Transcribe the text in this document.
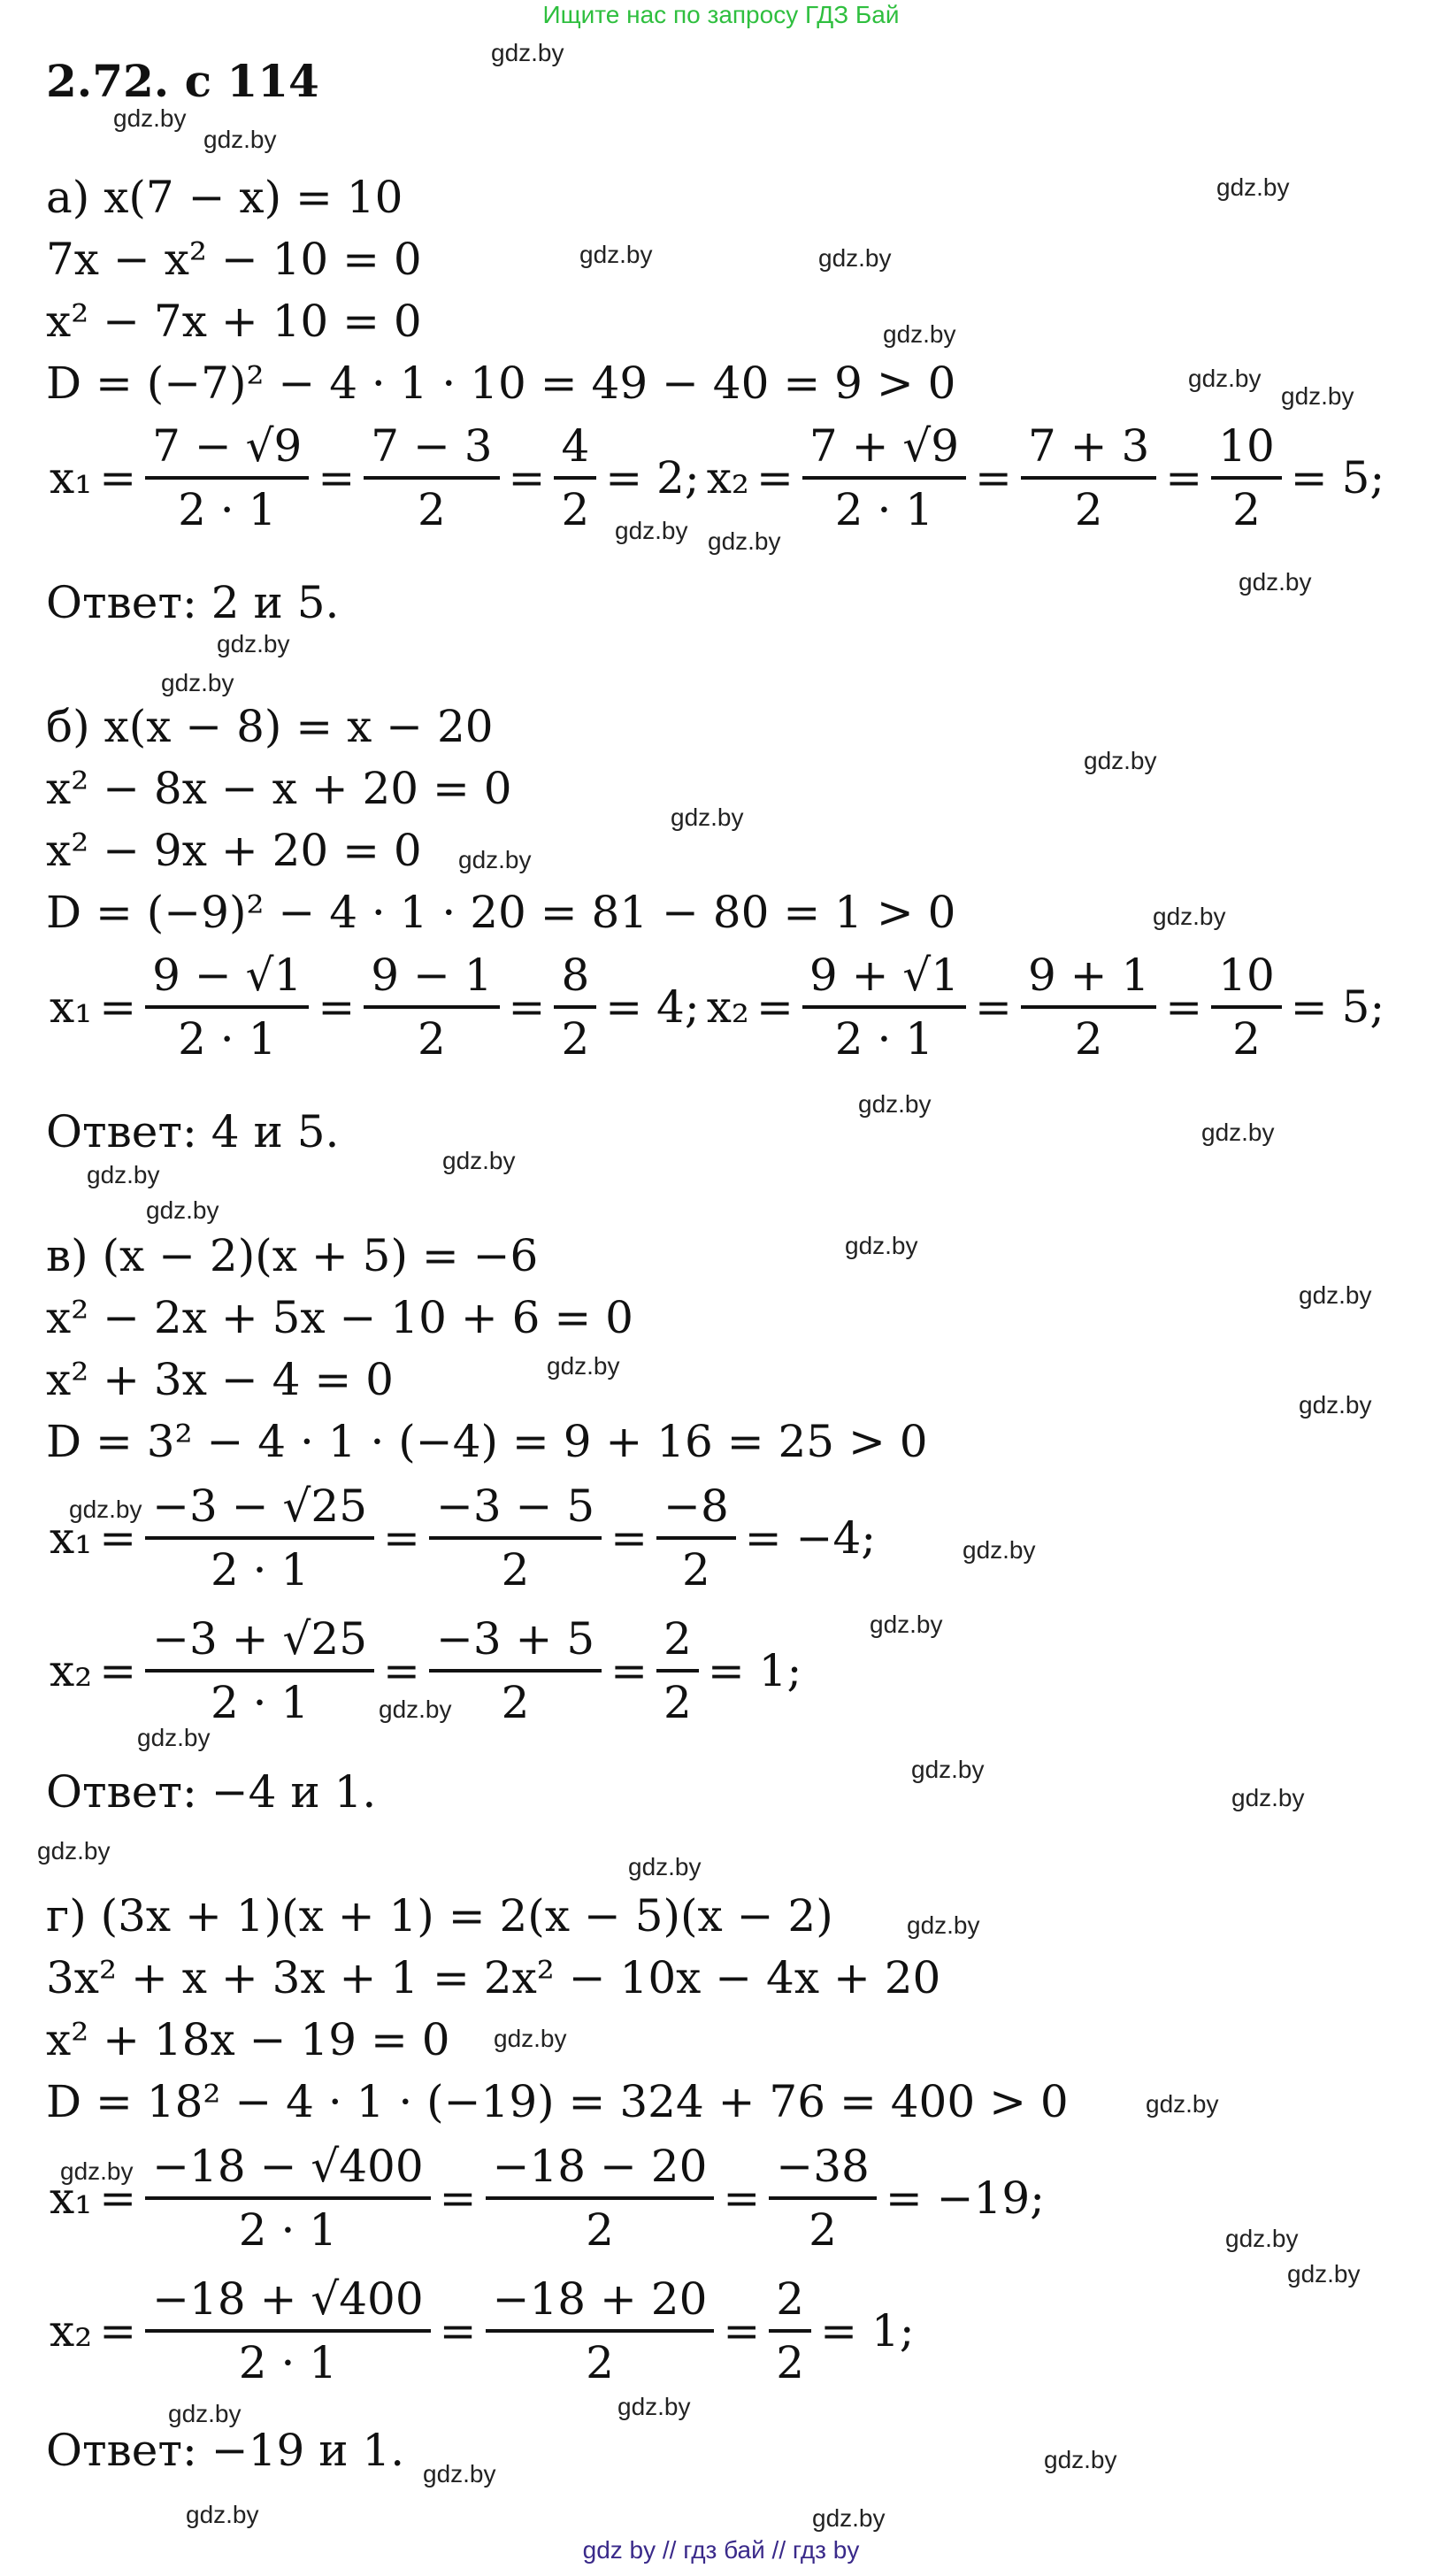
Ищите нас по запросу ГДЗ Бай
2.72. с 114
а) x(7 − x) = 10
7x − x² − 10 = 0
x² − 7x + 10 = 0
D = (−7)² − 4 · 1 · 10 = 49 − 40 = 9 > 0
$x_1 = \frac{7 - √9}{2 \cdot 1} = \frac{7 - 3}{2} = \frac{4}{2} = 2$; $x_2 = \frac{7 + √9}{2 \cdot 1} = \frac{7 + 3}{2} = \frac{10}{2} = 5$;
Ответ: 2 и 5.
б) x(x − 8) = x − 20
x² − 8x − x + 20 = 0
x² − 9x + 20 = 0
D = (−9)² − 4 · 1 · 20 = 81 − 80 = 1 > 0
$x_1 = \frac{9 - √1}{2 \cdot 1} = \frac{9 - 1}{2} = \frac{8}{2} = 4$; $x_2 = \frac{9 + √1}{2 \cdot 1} = \frac{9 + 1}{2} = \frac{10}{2} = 5$;
Ответ: 4 и 5.
в) (x − 2)(x + 5) = −6
x² − 2x + 5x − 10 + 6 = 0
x² + 3x − 4 = 0
D = 3² − 4 · 1 · (−4) = 9 + 16 = 25 > 0
$x_1 = \frac{-3 - √25}{2 \cdot 1} = \frac{-3 - 5}{2} = \frac{-8}{2} = -4$;
$x_2 = \frac{-3 + √25}{2 \cdot 1} = \frac{-3 + 5}{2} = \frac{2}{2} = 1$;
Ответ: −4 и 1.
г) (3x + 1)(x + 1) = 2(x − 5)(x − 2)
3x² + x + 3x + 1 = 2x² − 10x − 4x + 20
x² + 18x − 19 = 0
D = 18² − 4 · 1 · (−19) = 324 + 76 = 400 > 0
$x_1 = \frac{-18 - √400}{2 \cdot 1} = \frac{-18 - 20}{2} = \frac{-38}{2} = -19$;
$x_2 = \frac{-18 + √400}{2 \cdot 1} = \frac{-18 + 20}{2} = \frac{2}{2} = 1$;
Ответ: −19 и 1.
gdz.by
gdz.by
gdz.by
gdz.by
gdz.by	gdz.by
gdz.by
gdz.by
gdz.by
gdz.by gdz.by
gdz.by
gdz.by
gdz.by
gdz.by
gdz.by
gdz.by
gdz.by
gdz.by
gdz.by
gdz.by
gdz.by
gdz.by
gdz.by
gdz.by
gdz.by
gdz.by
gdz.by
gdz.by
gdz.by
gdz.by
gdz.by
gdz.by
gdz.by
gdz.by
gdz.by
gdz.by
gdz.by
gdz.by
gdz.by
gdz.by
gdz.by
gdz.by	gdz.by
gdz.by
gdz.by
gdz.by	gdz.by
gdz by // гдз бай // гдз by
